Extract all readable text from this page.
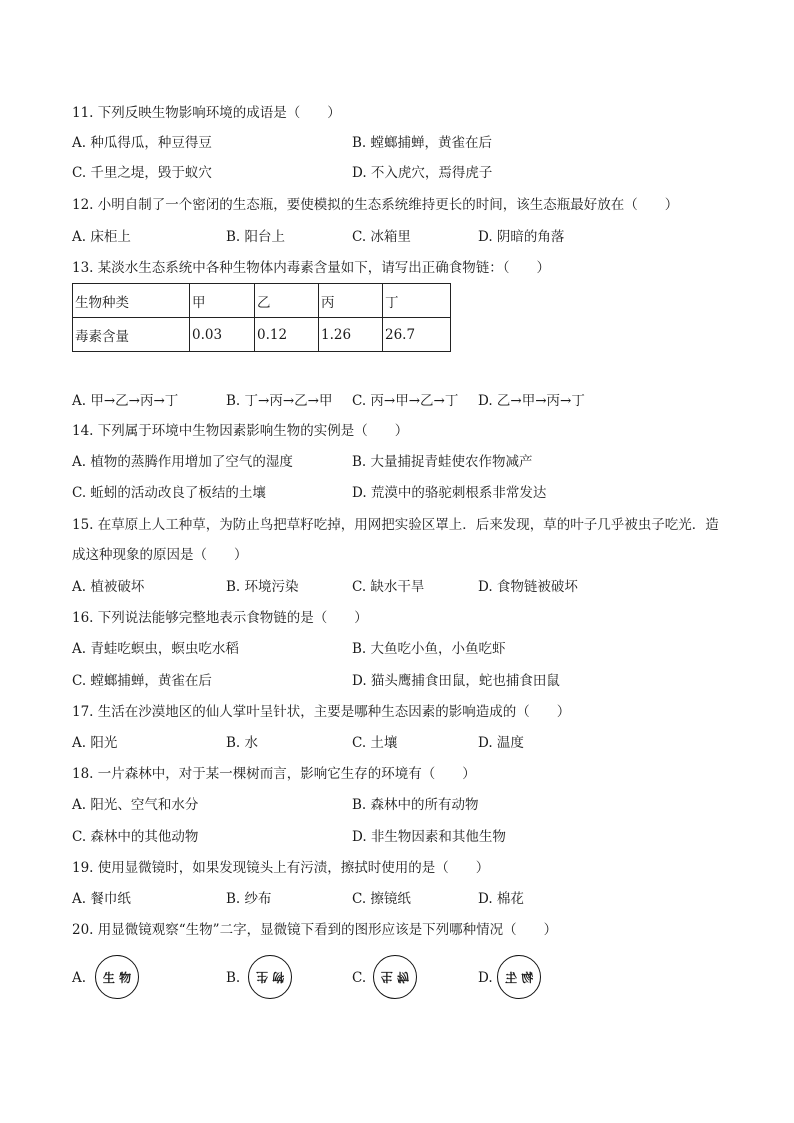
11. 下列反映生物影响环境的成语是（　　）
A. 种瓜得瓜，种豆得豆	B. 螳螂捕蝉，黄雀在后
C. 千里之堤，毁于蚁穴	D. 不入虎穴，焉得虎子
12. 小明自制了一个密闭的生态瓶，要使模拟的生态系统维持更长的时间，该生态瓶最好放在（　　）
A. 床柜上	B. 阳台上	C. 冰箱里	D. 阴暗的角落
13. 某淡水生态系统中各种生物体内毒素含量如下，请写出正确食物链：（　　）
生物种类	甲	乙	丙	丁
毒素含量	0.03	0.12	1.26	26.7
A. 甲→乙→丙→丁	B. 丁→丙→乙→甲 C. 丙→甲→乙→丁 D. 乙→甲→丙→丁
14. 下列属于环境中生物因素影响生物的实例是（　　）
A. 植物的蒸腾作用增加了空气的湿度	B. 大量捕捉青蛙使农作物减产
C. 蚯蚓的活动改良了板结的土壤	D. 荒漠中的骆驼刺根系非常发达
15. 在草原上人工种草，为防止鸟把草籽吃掉，用网把实验区罩上．后来发现，草的叶子几乎被虫子吃光．造
成这种现象的原因是（　　）
A. 植被破坏	B. 环境污染	C. 缺水干旱	D. 食物链被破坏
16. 下列说法能够完整地表示食物链的是（　　）
A. 青蛙吃螟虫，螟虫吃水稻	B. 大鱼吃小鱼，小鱼吃虾
C. 螳螂捕蝉，黄雀在后	D. 猫头鹰捕食田鼠，蛇也捕食田鼠
17. 生活在沙漠地区的仙人掌叶呈针状，主要是哪种生态因素的影响造成的（　　）
A. 阳光	B. 水	C. 土壤	D. 温度
18. 一片森林中，对于某一棵树而言，影响它生存的环境有（　　）
A. 阳光、空气和水分	B. 森林中的所有动物
C. 森林中的其他动物	D. 非生物因素和其他生物
19. 使用显微镜时，如果发现镜头上有污渍，擦拭时使用的是（　　）
A. 餐巾纸	B. 纱布	C. 擦镜纸	D. 棉花
20. 用显微镜观察“生物”二字，显微镜下看到的图形应该是下列哪种情况（　　）
A. 生 物	B. 物 生	C. 生 物	D. 物 生
